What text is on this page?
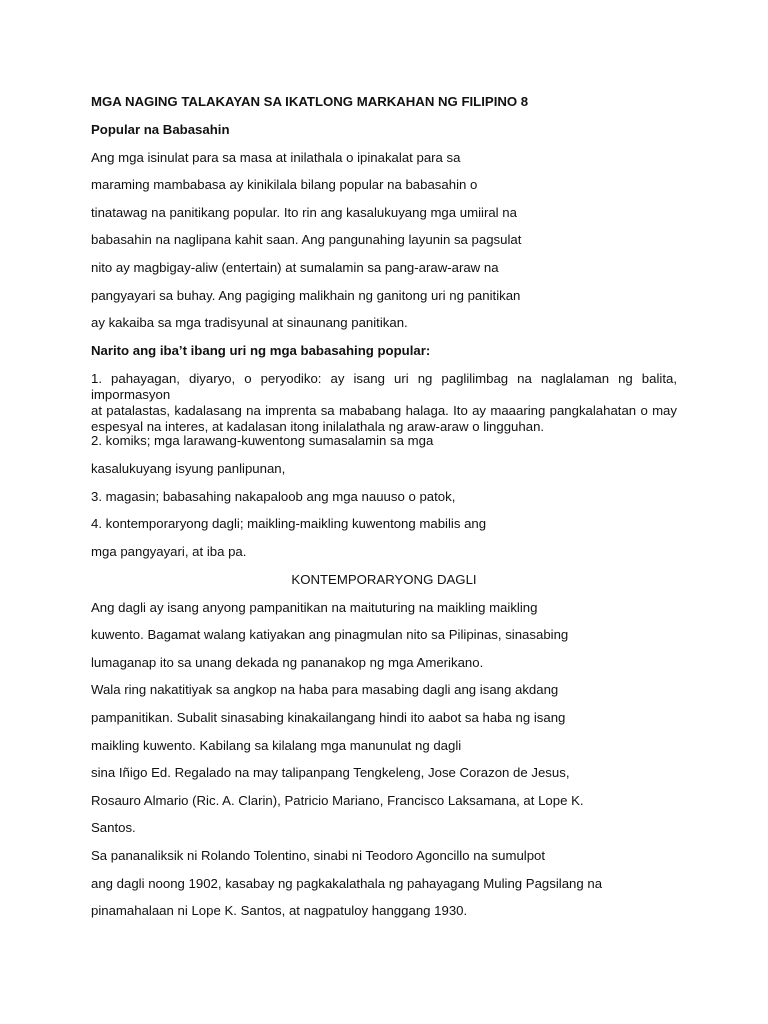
MGA NAGING TALAKAYAN SA IKATLONG MARKAHAN NG FILIPINO 8

Popular na Babasahin

Ang mga isinulat para sa masa at inilathala o ipinakalat para sa

maraming mambabasa ay kinikilala bilang popular na babasahin o

tinatawag na panitikang popular. Ito rin ang kasalukuyang mga umiiral na

babasahin na naglipana kahit saan. Ang pangunahing layunin sa pagsulat

nito ay magbigay-aliw (entertain) at sumalamin sa pang-araw-araw na

pangyayari sa buhay. Ang pagiging malikhain ng ganitong uri ng panitikan

ay kakaiba sa mga tradisyunal at sinaunang panitikan.

Narito ang iba’t ibang uri ng mga babasahing popular:

1. pahayagan, diyaryo, o peryodiko: ay isang uri ng paglilimbag na naglalaman ng balita, impormasyon
at patalastas, kadalasang na imprenta sa mababang halaga. Ito ay maaaring pangkalahatan o may
espesyal na interes, at kadalasan itong inilalathala ng araw-araw o lingguhan.

2. komiks; mga larawang-kuwentong sumasalamin sa mga

kasalukuyang isyung panlipunan,

3. magasin; babasahing nakapaloob ang mga nauuso o patok,

4. kontemporaryong dagli; maikling-maikling kuwentong mabilis ang

mga pangyayari, at iba pa.

KONTEMPORARYONG DAGLI

Ang dagli ay isang anyong pampanitikan na maituturing na maikling maikling

kuwento. Bagamat walang katiyakan ang pinagmulan nito sa Pilipinas, sinasabing

lumaganap ito sa unang dekada ng pananakop ng mga Amerikano.

Wala ring nakatitiyak sa angkop na haba para masabing dagli ang isang akdang

pampanitikan. Subalit sinasabing kinakailangang hindi ito aabot sa haba ng isang

maikling kuwento. Kabilang sa kilalang mga manunulat ng dagli

sina Iñigo Ed. Regalado na may talipanpang Tengkeleng, Jose Corazon de Jesus,

Rosauro Almario (Ric. A. Clarin), Patricio Mariano, Francisco Laksamana, at Lope K.

Santos.

Sa pananaliksik ni Rolando Tolentino, sinabi ni Teodoro Agoncillo na sumulpot

ang dagli noong 1902, kasabay ng pagkakalathala ng pahayagang Muling Pagsilang na

pinamahalaan ni Lope K. Santos, at nagpatuloy hanggang 1930.
